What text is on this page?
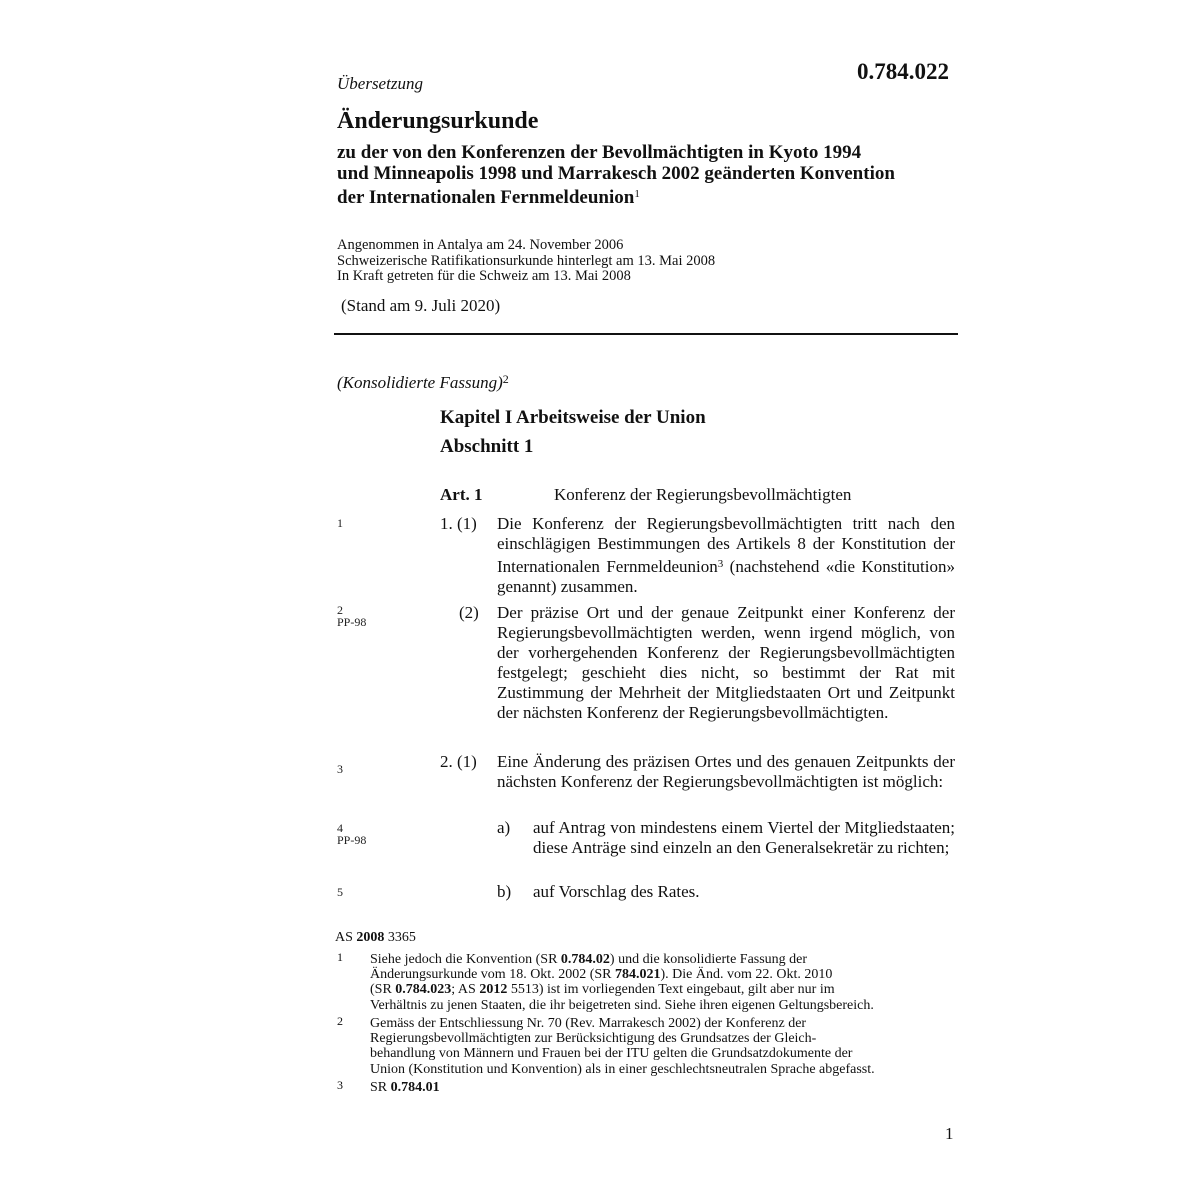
0.784.022
Übersetzung
Änderungsurkunde
zu der von den Konferenzen der Bevollmächtigten in Kyoto 1994
und Minneapolis 1998 und Marrakesch 2002 geänderten Konvention
der Internationalen Fernmeldeunion$^1$
Angenommen in Antalya am 24. November 2006
Schweizerische Ratifikationsurkunde hinterlegt am 13. Mai 2008
In Kraft getreten für die Schweiz am 13. Mai 2008
(Stand am 9. Juli 2020)
(Konsolidierte Fassung)$^2$
Kapitel I Arbeitsweise der Union
Abschnitt 1
Art. 1	Konferenz der Regierungsbevollmächtigten
1
2
PP-98
3
4
PP-98
5
1. (1) Die Konferenz der Regierungsbevollmächtigten tritt nach den einschlägigen Bestimmungen des Artikels 8 der Konstitution der Internationalen Fernmeldeunion$^3$ (nachstehend «die Konstitution» genannt) zusammen.
(2) Der präzise Ort und der genaue Zeitpunkt einer Konferenz der Regierungsbevollmächtigten werden, wenn irgend möglich, von der vorhergehenden Konferenz der Regierungsbevollmächtigten festgelegt; geschieht dies nicht, so bestimmt der Rat mit Zustimmung der Mehrheit der Mitgliedstaaten Ort und Zeitpunkt der nächsten Konferenz der Regierungsbevollmächtigten.
2. (1) Eine Änderung des präzisen Ortes und des genauen Zeitpunkts der nächsten Konferenz der Regierungsbevollmächtigten ist möglich:
a) auf Antrag von mindestens einem Viertel der Mitgliedstaaten; diese Anträge sind einzeln an den Generalsekretär zu richten;
b) auf Vorschlag des Rates.
AS 2008 3365
1 Siehe jedoch die Konvention (SR 0.784.02) und die konsolidierte Fassung der
Änderungsurkunde vom 18. Okt. 2002 (SR 784.021). Die Änd. vom 22. Okt. 2010
(SR 0.784.023; AS 2012 5513) ist im vorliegenden Text eingebaut, gilt aber nur im
Verhältnis zu jenen Staaten, die ihr beigetreten sind. Siehe ihren eigenen Geltungsbereich.
2 Gemäss der Entschliessung Nr. 70 (Rev. Marrakesch 2002) der Konferenz der
Regierungsbevollmächtigten zur Berücksichtigung des Grundsatzes der Gleich-
behandlung von Männern und Frauen bei der ITU gelten die Grundsatzdokumente der
Union (Konstitution und Konvention) als in einer geschlechtsneutralen Sprache abgefasst.
3 SR 0.784.01
1
